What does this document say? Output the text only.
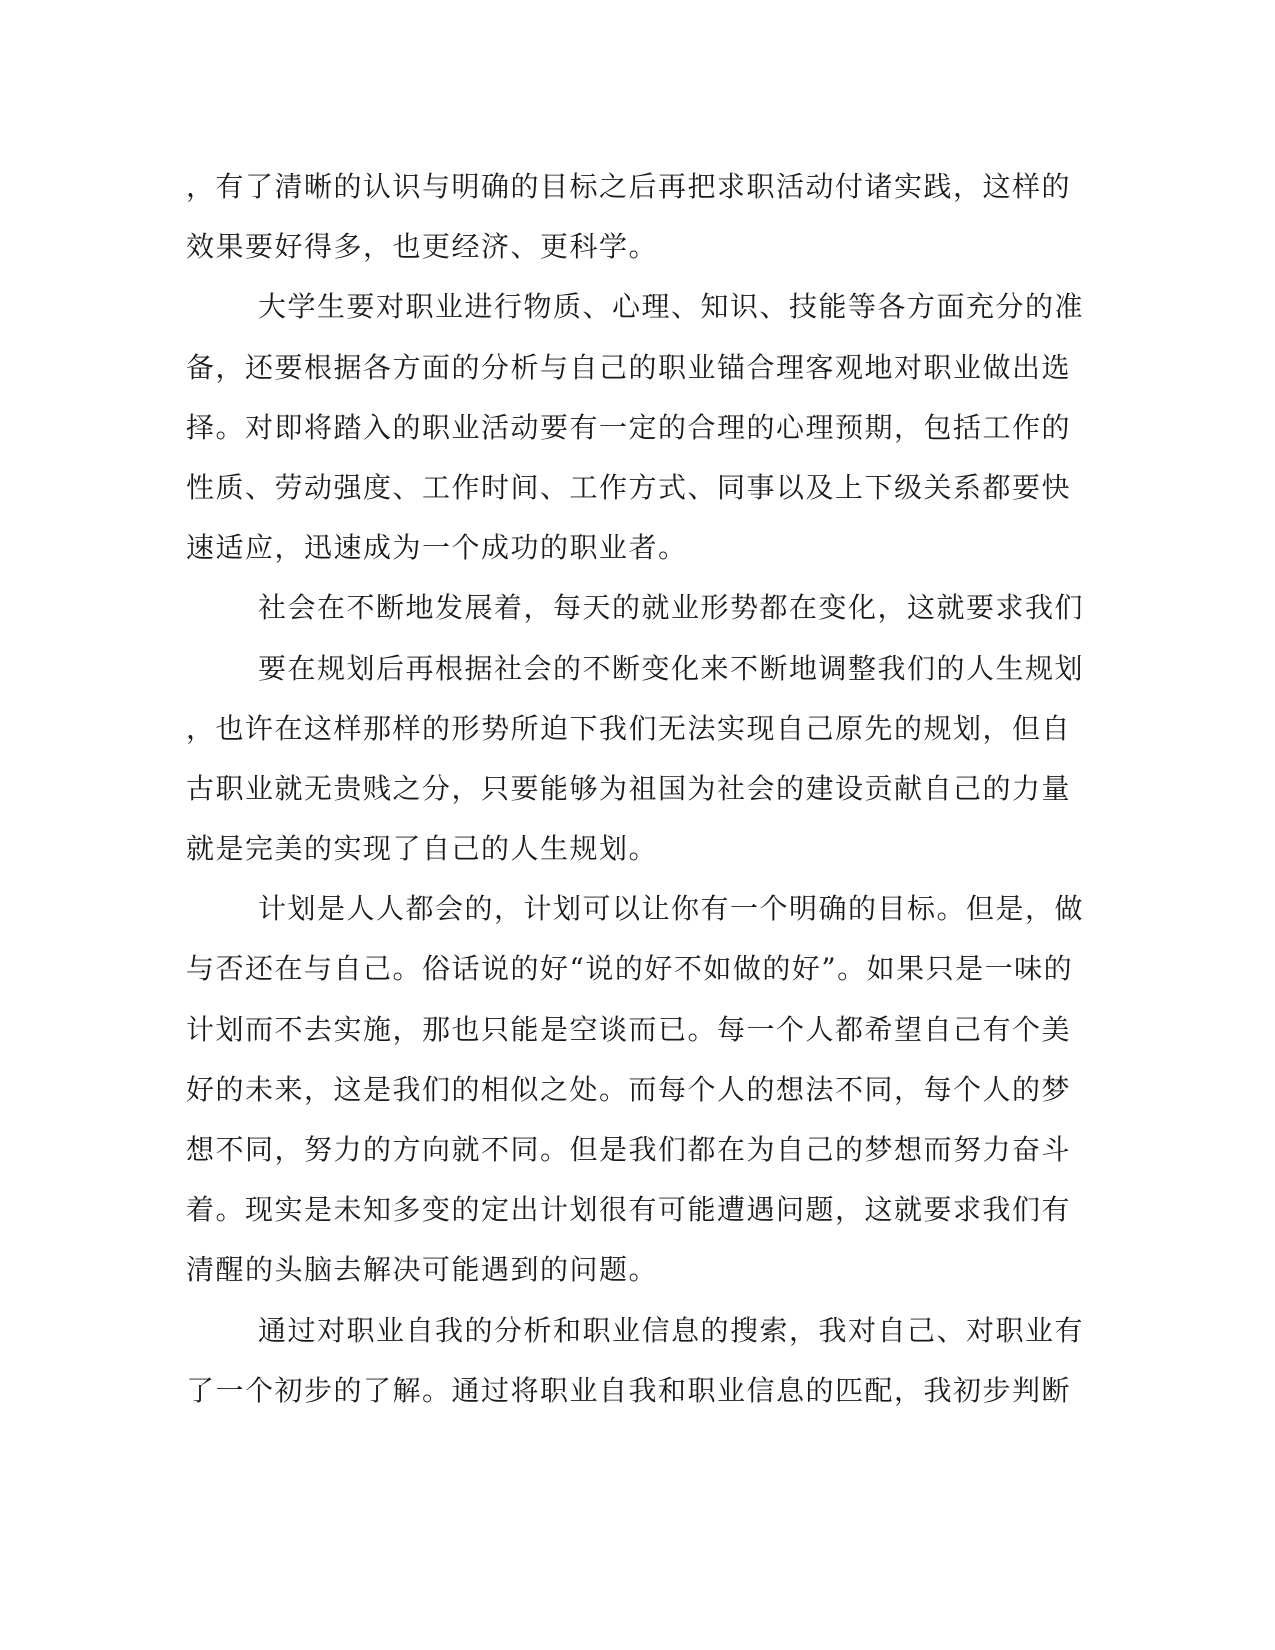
，有了清晰的认识与明确的目标之后再把求职活动付诸实践，这样的
效果要好得多，也更经济、更科学。
大学生要对职业进行物质、心理、知识、技能等各方面充分的准
备，还要根据各方面的分析与自己的职业锚合理客观地对职业做出选
择。对即将踏入的职业活动要有一定的合理的心理预期，包括工作的
性质、劳动强度、工作时间、工作方式、同事以及上下级关系都要快
速适应，迅速成为一个成功的职业者。
社会在不断地发展着，每天的就业形势都在变化，这就要求我们
要在规划后再根据社会的不断变化来不断地调整我们的人生规划
，也许在这样那样的形势所迫下我们无法实现自己原先的规划，但自
古职业就无贵贱之分，只要能够为祖国为社会的建设贡献自己的力量
就是完美的实现了自己的人生规划。
计划是人人都会的，计划可以让你有一个明确的目标。但是，做
与否还在与自己。俗话说的好“说的好不如做的好”。如果只是一味的
计划而不去实施，那也只能是空谈而已。每一个人都希望自己有个美
好的未来，这是我们的相似之处。而每个人的想法不同，每个人的梦
想不同，努力的方向就不同。但是我们都在为自己的梦想而努力奋斗
着。现实是未知多变的定出计划很有可能遭遇问题，这就要求我们有
清醒的头脑去解决可能遇到的问题。
通过对职业自我的分析和职业信息的搜索，我对自己、对职业有
了一个初步的了解。通过将职业自我和职业信息的匹配，我初步判断
